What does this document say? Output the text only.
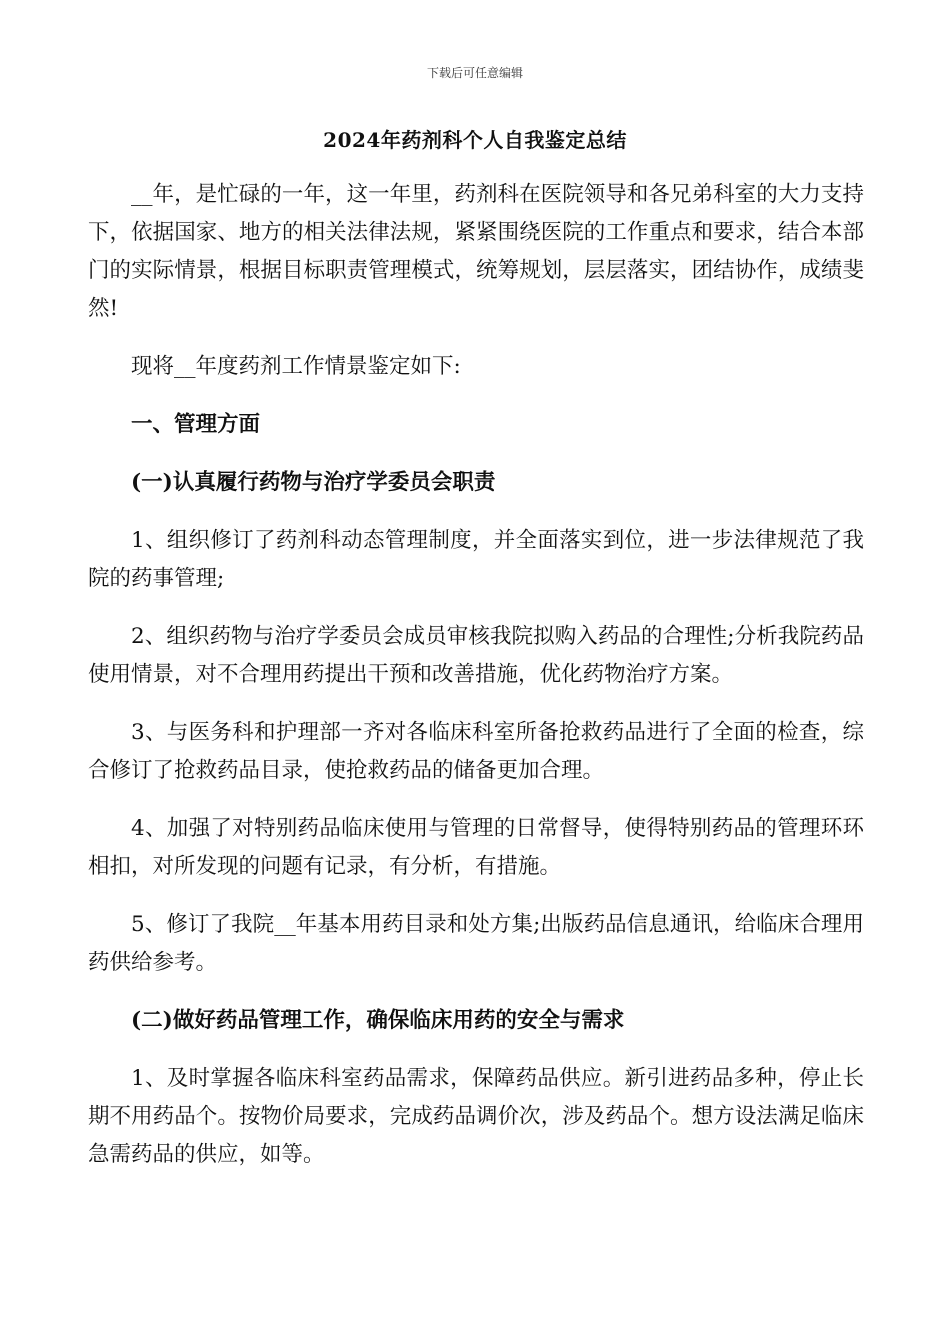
下载后可任意编辑
2024年药剂科个人自我鉴定总结

__年，是忙碌的一年，这一年里，药剂科在医院领导和各兄弟科室的大力支持下，依据国家、地方的相关法律法规，紧紧围绕医院的工作重点和要求，结合本部门的实际情景，根据目标职责管理模式，统筹规划，层层落实，团结协作，成绩斐然!

现将__年度药剂工作情景鉴定如下:

一、管理方面

(一)认真履行药物与治疗学委员会职责

1、组织修订了药剂科动态管理制度，并全面落实到位，进一步法律规范了我院的药事管理;

2、组织药物与治疗学委员会成员审核我院拟购入药品的合理性;分析我院药品使用情景，对不合理用药提出干预和改善措施，优化药物治疗方案。

3、与医务科和护理部一齐对各临床科室所备抢救药品进行了全面的检查，综合修订了抢救药品目录，使抢救药品的储备更加合理。

4、加强了对特别药品临床使用与管理的日常督导，使得特别药品的管理环环相扣，对所发现的问题有记录，有分析，有措施。

5、修订了我院__年基本用药目录和处方集;出版药品信息通讯，给临床合理用药供给参考。

(二)做好药品管理工作，确保临床用药的安全与需求

1、及时掌握各临床科室药品需求，保障药品供应。新引进药品多种，停止长期不用药品个。按物价局要求，完成药品调价次，涉及药品个。想方设法满足临床急需药品的供应，如等。
